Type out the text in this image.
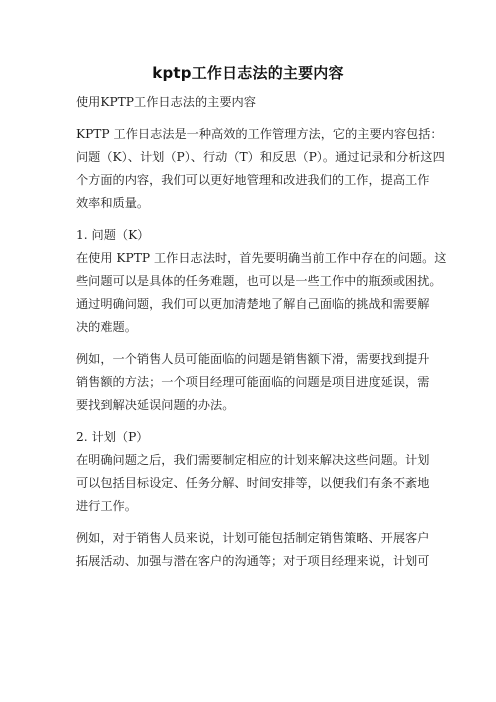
kptp工作日志法的主要内容
使用KPTP工作日志法的主要内容
KPTP 工作日志法是一种高效的工作管理方法，它的主要内容包括：
问题（K）、计划（P）、行动（T）和反思（P）。通过记录和分析这四
个方面的内容，我们可以更好地管理和改进我们的工作，提高工作
效率和质量。
1. 问题（K）
在使用 KPTP 工作日志法时，首先要明确当前工作中存在的问题。这
些问题可以是具体的任务难题，也可以是一些工作中的瓶颈或困扰。
通过明确问题，我们可以更加清楚地了解自己面临的挑战和需要解
决的难题。
例如，一个销售人员可能面临的问题是销售额下滑，需要找到提升
销售额的方法；一个项目经理可能面临的问题是项目进度延误，需
要找到解决延误问题的办法。
2. 计划（P）
在明确问题之后，我们需要制定相应的计划来解决这些问题。计划
可以包括目标设定、任务分解、时间安排等，以便我们有条不紊地
进行工作。
例如，对于销售人员来说，计划可能包括制定销售策略、开展客户
拓展活动、加强与潜在客户的沟通等；对于项目经理来说，计划可
